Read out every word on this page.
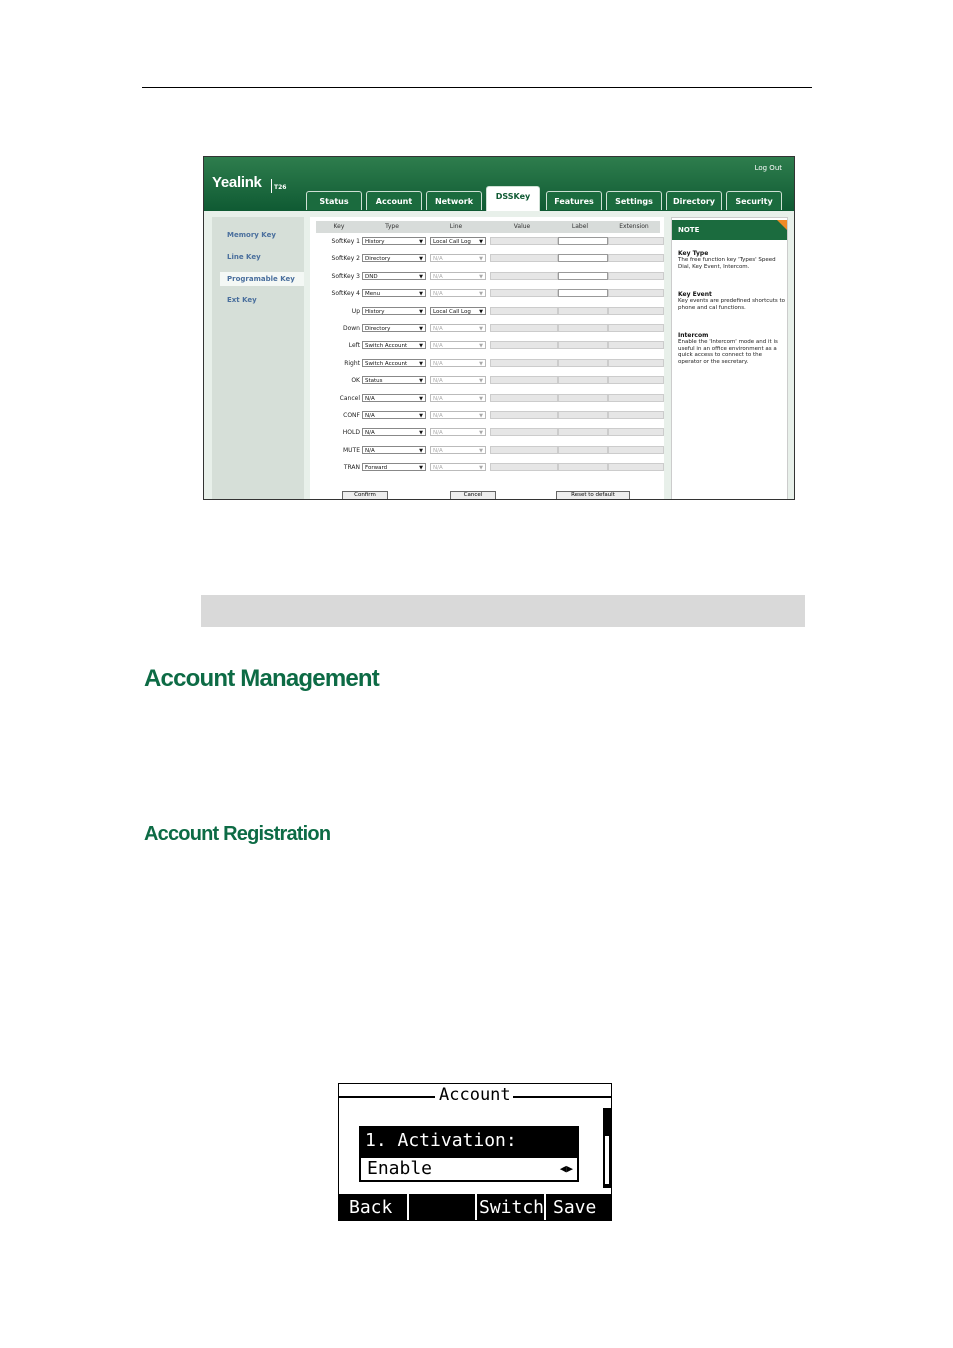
Yealink T26
Log Out
Status	Account	Network
DSSKey
Features	Settings	Directory	Security
Memory Key
Line Key
Programable Key
Ext Key
Key	Type	Line	Value	Label	Extension
SoftKey 1 History	▼	Local Call Log ▼
SoftKey 2 Directory	▼	N/A	▼
SoftKey 3 DND	▼	N/A	▼
SoftKey 4 Menu	▼	N/A	▼
Up History	▼	Local Call Log ▼
Down Directory	▼	N/A	▼
Left Switch Account ▼	N/A	▼
Right Switch Account ▼	N/A	▼
OK Status	▼	N/A	▼
Cancel N/A	▼	N/A	▼
CONF N/A	▼	N/A	▼
HOLD N/A	▼	N/A	▼
MUTE N/A	▼	N/A	▼
TRAN Forward	▼	N/A	▼
Confirm	Cancel	Reset to default
NOTE
Key Type
The free function key 'Types' Speed Dial, Key Event, Intercom.
Key Event
Key events are predefined shortcuts to phone and cal functions.
Intercom
Enable the 'Intercom' mode and it is useful in an office environment as a quick access to connect to the operator or the secretary.
Account Management
Account Registration
Account
1. Activation:
Enable	◀▶
Back	Switch Save
